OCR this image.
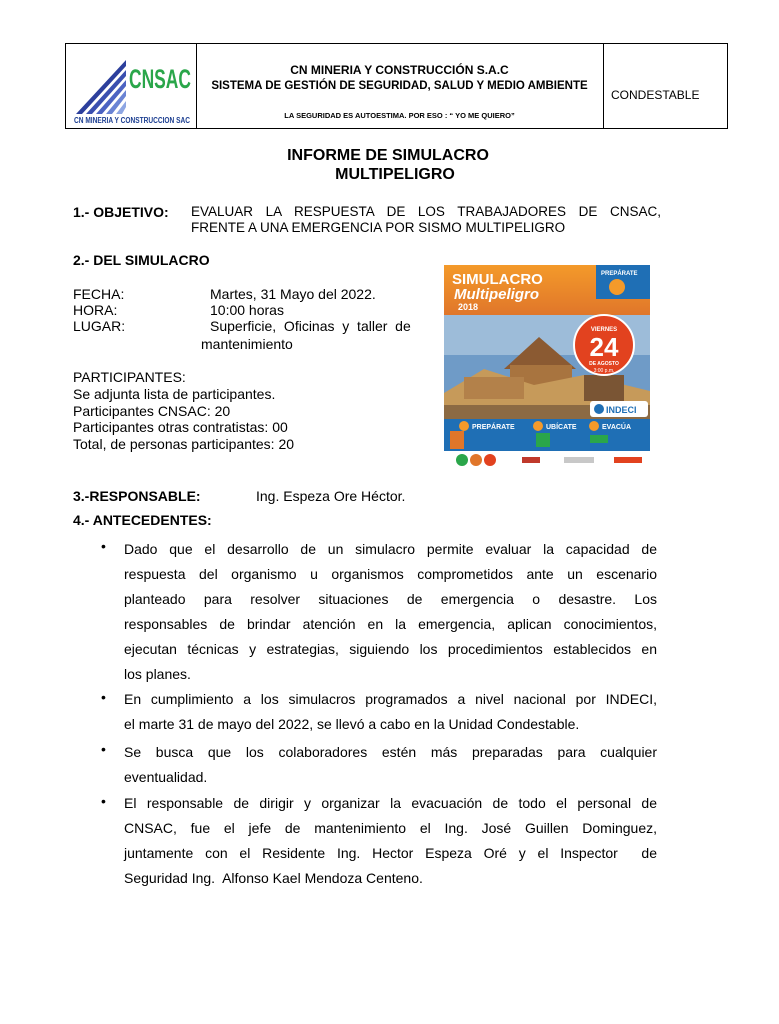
CNSAC
CN MINERIA Y CONSTRUCCION SAC
CN MINERIA Y CONSTRUCCIÓN S.A.C
SISTEMA DE GESTIÓN DE SEGURIDAD, SALUD Y MEDIO AMBIENTE
LA SEGURIDAD ES AUTOESTIMA. POR ESO : “ YO ME QUIERO”
CONDESTABLE
INFORME DE SIMULACRO
MULTIPELIGRO
1.- OBJETIVO: EVALUAR LA RESPUESTA DE LOS TRABAJADORES DE CNSAC,
FRENTE A UNA EMERGENCIA POR SISMO MULTIPELIGRO
2.- DEL SIMULACRO
FECHA:	Martes, 31 Mayo del 2022.
HORA:	10:00 horas
LUGAR:	Superficie,  Oficinas  y  taller  de
mantenimiento
PARTICIPANTES:
Se adjunta lista de participantes.
Participantes CNSAC: 20
Participantes otras contratistas: 00
Total, de personas participantes: 20
SIMULACRO
Multipeligro
2018
PREPÁRATE
VIERNES
24
DE AGOSTO
3:00 p.m.
INDECI
PREPÁRATE	UBÍCATE	EVACÚA
3.-RESPONSABLE:	Ing. Espeza Ore Héctor.
4.- ANTECEDENTES:
• Dado que el desarrollo de un simulacro permite evaluar la capacidad de
respuesta del organismo u organismos comprometidos ante un escenario
planteado para resolver situaciones de emergencia o desastre. Los
responsables de brindar atención en la emergencia, aplican conocimientos,
ejecutan técnicas y estrategias, siguiendo los procedimientos establecidos en
los planes.
• En cumplimiento a los simulacros programados a nivel nacional por INDECI,
el marte 31 de mayo del 2022, se llevó a cabo en la Unidad Condestable.
• Se busca que los colaboradores estén más preparadas para cualquier
eventualidad.
• El responsable de dirigir y organizar la evacuación de todo el personal de
CNSAC, fue el jefe de mantenimiento el Ing. José Guillen Dominguez,
juntamente con el Residente Ing. Hector Espeza Oré y el Inspector  de
Seguridad Ing.  Alfonso Kael Mendoza Centeno.
